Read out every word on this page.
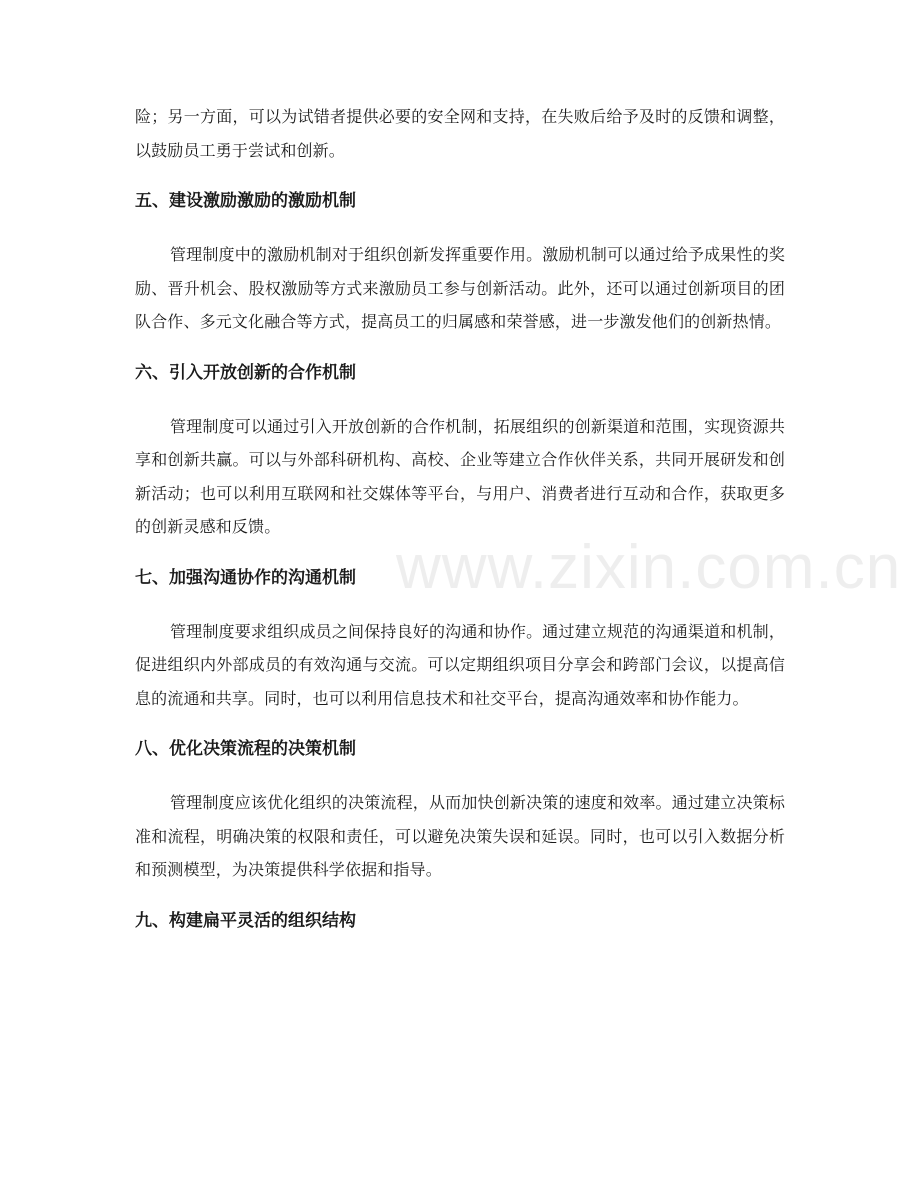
险；另一方面，可以为试错者提供必要的安全网和支持，在失败后给予及时的反馈和调整，以鼓励员工勇于尝试和创新。

五、建设激励激励的激励机制

管理制度中的激励机制对于组织创新发挥重要作用。激励机制可以通过给予成果性的奖励、晋升机会、股权激励等方式来激励员工参与创新活动。此外，还可以通过创新项目的团队合作、多元文化融合等方式，提高员工的归属感和荣誉感，进一步激发他们的创新热情。

六、引入开放创新的合作机制

管理制度可以通过引入开放创新的合作机制，拓展组织的创新渠道和范围，实现资源共享和创新共赢。可以与外部科研机构、高校、企业等建立合作伙伴关系，共同开展研发和创新活动；也可以利用互联网和社交媒体等平台，与用户、消费者进行互动和合作，获取更多的创新灵感和反馈。

七、加强沟通协作的沟通机制

管理制度要求组织成员之间保持良好的沟通和协作。通过建立规范的沟通渠道和机制，促进组织内外部成员的有效沟通与交流。可以定期组织项目分享会和跨部门会议，以提高信息的流通和共享。同时，也可以利用信息技术和社交平台，提高沟通效率和协作能力。

八、优化决策流程的决策机制

管理制度应该优化组织的决策流程，从而加快创新决策的速度和效率。通过建立决策标准和流程，明确决策的权限和责任，可以避免决策失误和延误。同时，也可以引入数据分析和预测模型，为决策提供科学依据和指导。

九、构建扁平灵活的组织结构
www.zixin.com.cn
